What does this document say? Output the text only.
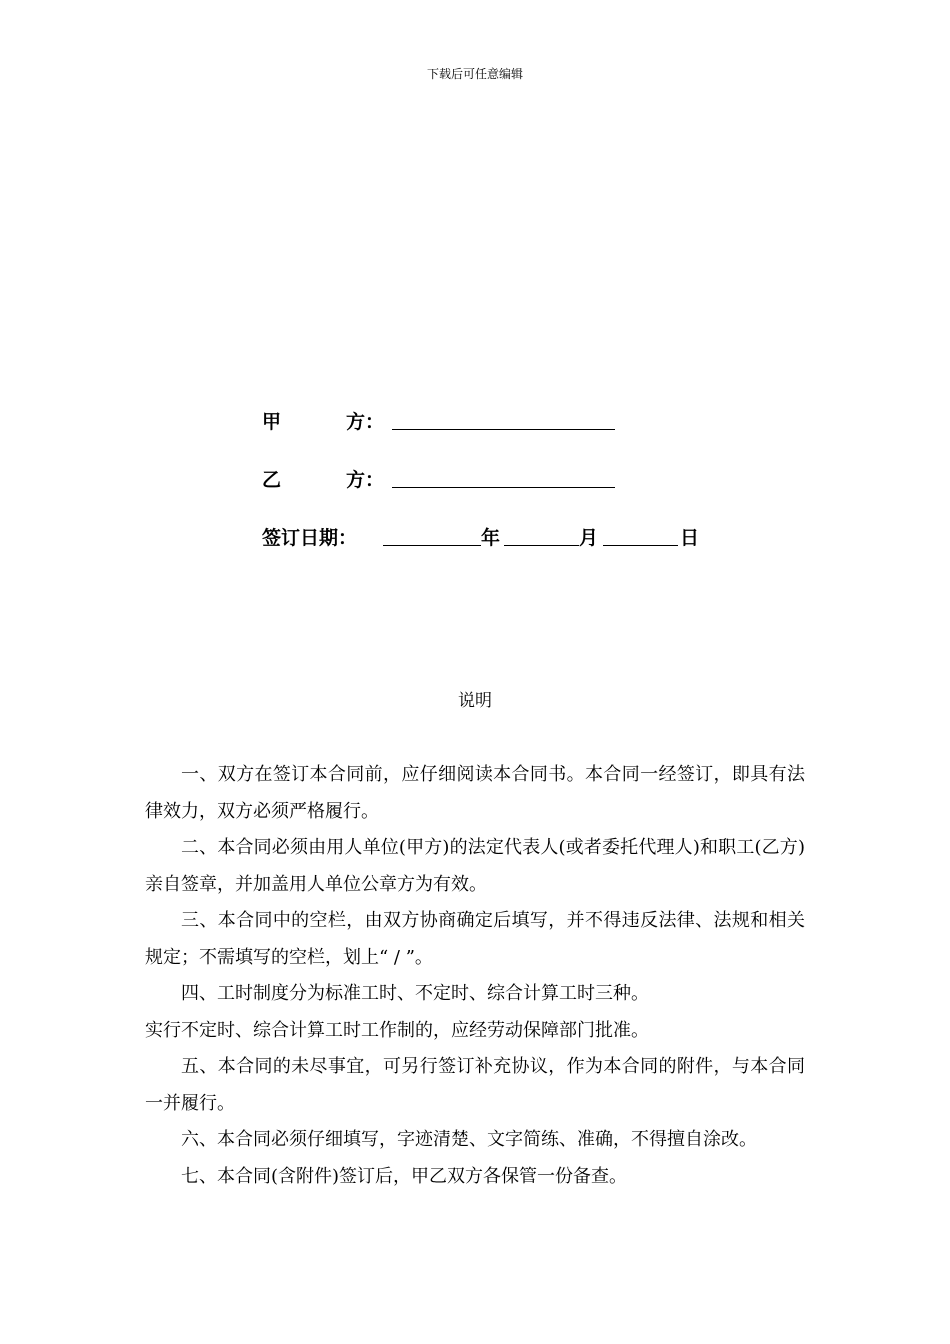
下载后可任意编辑
甲	方：
乙	方：
签订日期：	年	月	日
说明

一、双方在签订本合同前，应仔细阅读本合同书。本合同一经签订，即具有法律效力，双方必须严格履行。

二、本合同必须由用人单位(甲方)的法定代表人(或者委托代理人)和职工(乙方)亲自签章，并加盖用人单位公章方为有效。

三、本合同中的空栏，由双方协商确定后填写，并不得违反法律、法规和相关规定；不需填写的空栏，划上“ / ”。

四、工时制度分为标准工时、不定时、综合计算工时三种。

实行不定时、综合计算工时工作制的，应经劳动保障部门批准。

五、本合同的未尽事宜，可另行签订补充协议，作为本合同的附件，与本合同一并履行。

六、本合同必须仔细填写，字迹清楚、文字简练、准确，不得擅自涂改。

七、本合同(含附件)签订后，甲乙双方各保管一份备查。
